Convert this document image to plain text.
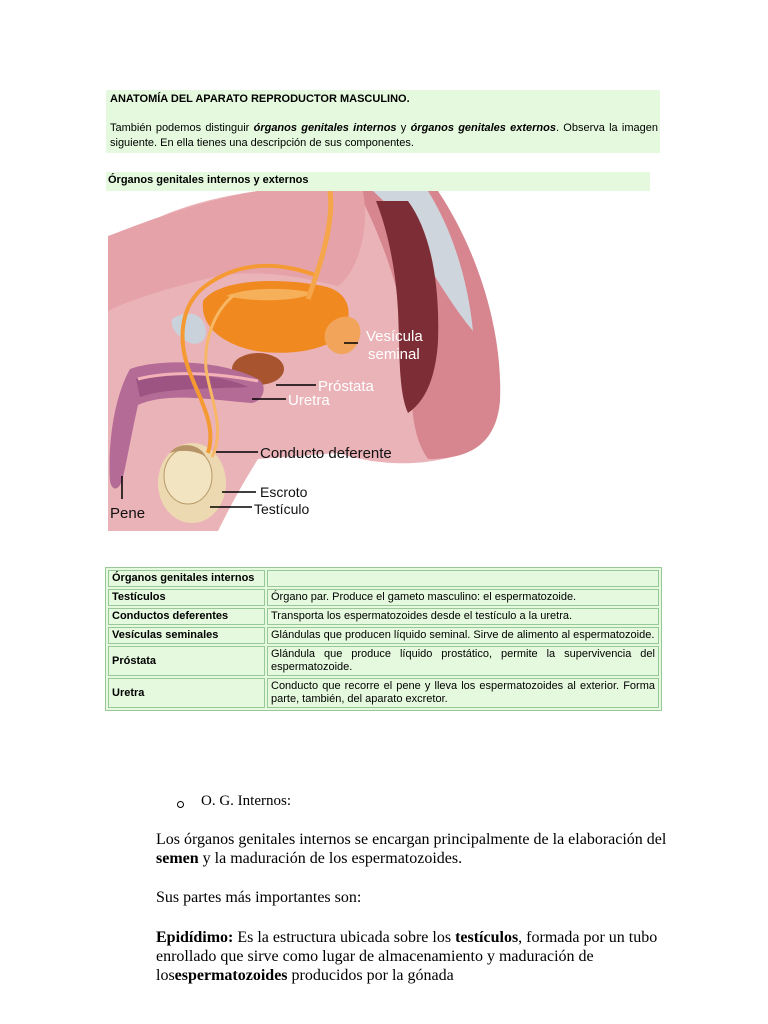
ANATOMÍA DEL APARATO REPRODUCTOR MASCULINO.
También podemos distinguir órganos genitales internos y órganos genitales externos. Observa la imagen siguiente. En ella tienes una descripción de sus componentes.
Órganos genitales internos y externos
Vesícula
seminal
Próstata
Uretra
Conducto deferente
Escroto
Testículo
Pene
Órganos genitales internos	
Testículos	Órgano par. Produce el gameto masculino: el espermatozoide.
Conductos deferentes	Transporta los espermatozoides desde el testículo a la uretra.
Vesículas seminales	Glándulas que producen líquido seminal. Sirve de alimento al espermatozoide.
Próstata	Glándula que produce líquido prostático, permite la supervivencia del espermatozoide.
Uretra	Conducto que recorre el pene y lleva los espermatozoides al exterior. Forma parte, también, del aparato excretor.
O. G. Internos:
Los órganos genitales internos se encargan principalmente de la elaboración del semen y la maduración de los espermatozoides.
Sus partes más importantes son:
Epidídimo: Es la estructura ubicada sobre los testículos, formada por un tubo enrollado que sirve como lugar de almacenamiento y maduración de losespermatozoides producidos por la gónada
